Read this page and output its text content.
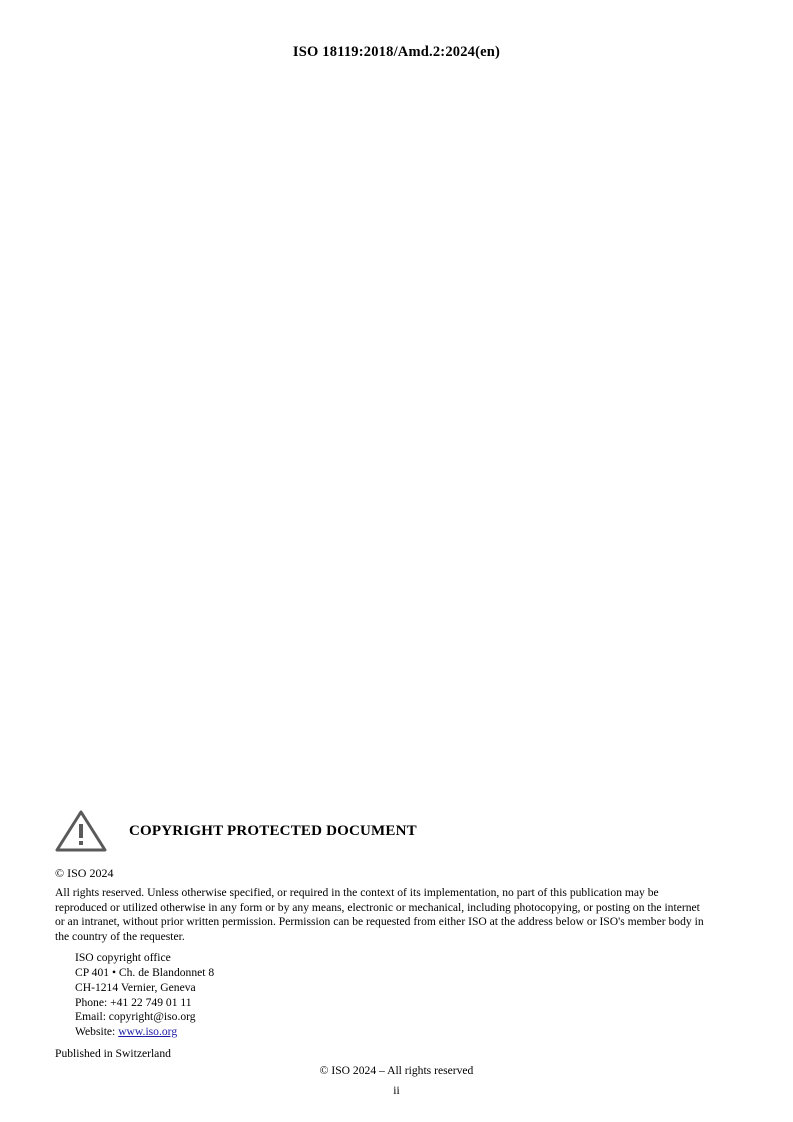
ISO 18119:2018/Amd.2:2024(en)
COPYRIGHT PROTECTED DOCUMENT
© ISO 2024
All rights reserved. Unless otherwise specified, or required in the context of its implementation, no part of this publication may be reproduced or utilized otherwise in any form or by any means, electronic or mechanical, including photocopying, or posting on the internet or an intranet, without prior written permission. Permission can be requested from either ISO at the address below or ISO's member body in the country of the requester.
ISO copyright office
CP 401 • Ch. de Blandonnet 8
CH-1214 Vernier, Geneva
Phone: +41 22 749 01 11
Email: copyright@iso.org
Website: www.iso.org
Published in Switzerland
© ISO 2024 – All rights reserved
ii
